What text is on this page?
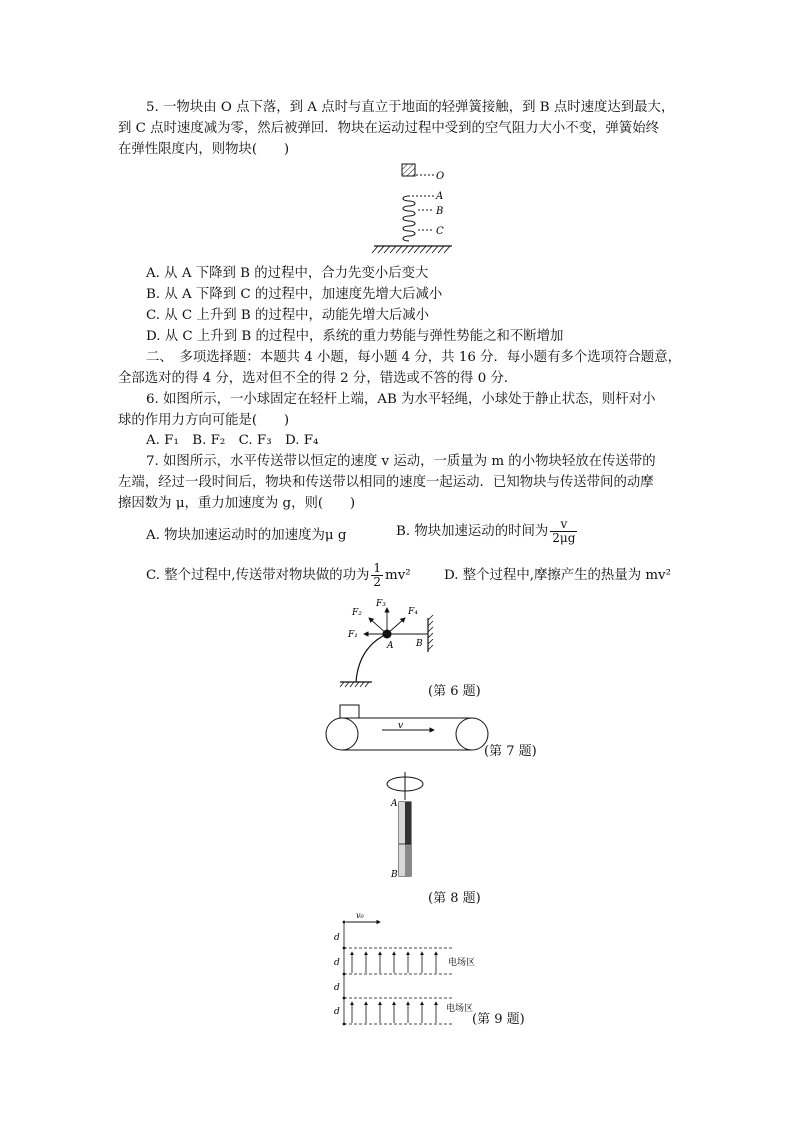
5. 一物块由 O 点下落，到 A 点时与直立于地面的轻弹簧接触，到 B 点时速度达到最大，
到 C 点时速度减为零，然后被弹回．物块在运动过程中受到的空气阻力大小不变，弹簧始终
在弹性限度内，则物块(　　)
O
A
B
C
A. 从 A 下降到 B 的过程中，合力先变小后变大
B. 从 A 下降到 C 的过程中，加速度先增大后减小
C. 从 C 上升到 B 的过程中，动能先增大后减小
D. 从 C 上升到 B 的过程中，系统的重力势能与弹性势能之和不断增加
二、　多项选择题：本题共 4 小题，每小题 4 分，共 16 分．每小题有多个选项符合题意，
全部选对的得 4 分，选对但不全的得 2 分，错选或不答的得 0 分．
6. 如图所示，一小球固定在轻杆上端，AB 为水平轻绳，小球处于静止状态，则杆对小
球的作用力方向可能是(　　)
A. F₁　B. F₂　C. F₃　D. F₄
7. 如图所示，水平传送带以恒定的速度 v 运动，一质量为 m 的小物块轻放在传送带的
左端，经过一段时间后，物块和传送带以相同的速度一起运动．已知物块与传送带间的动摩
擦因数为 μ，重力加速度为 g，则(　　)
A. 物块加速运动时的加速度为μ g	B. 物块加速运动的时间为 $\frac{v}{2\mu g}$
C. 整个过程中,传送带对物块做的功为 $\frac{1}{2} mv^2$ D. 整个过程中,摩擦产生的热量为 mv²
F₁
F₂
F₃
F₄
A	B
(第 6 题)
v
(第 7 题)
A
B
(第 8 题)
v₀
d
d
d
d
电场区
电场区
(第 9 题)
